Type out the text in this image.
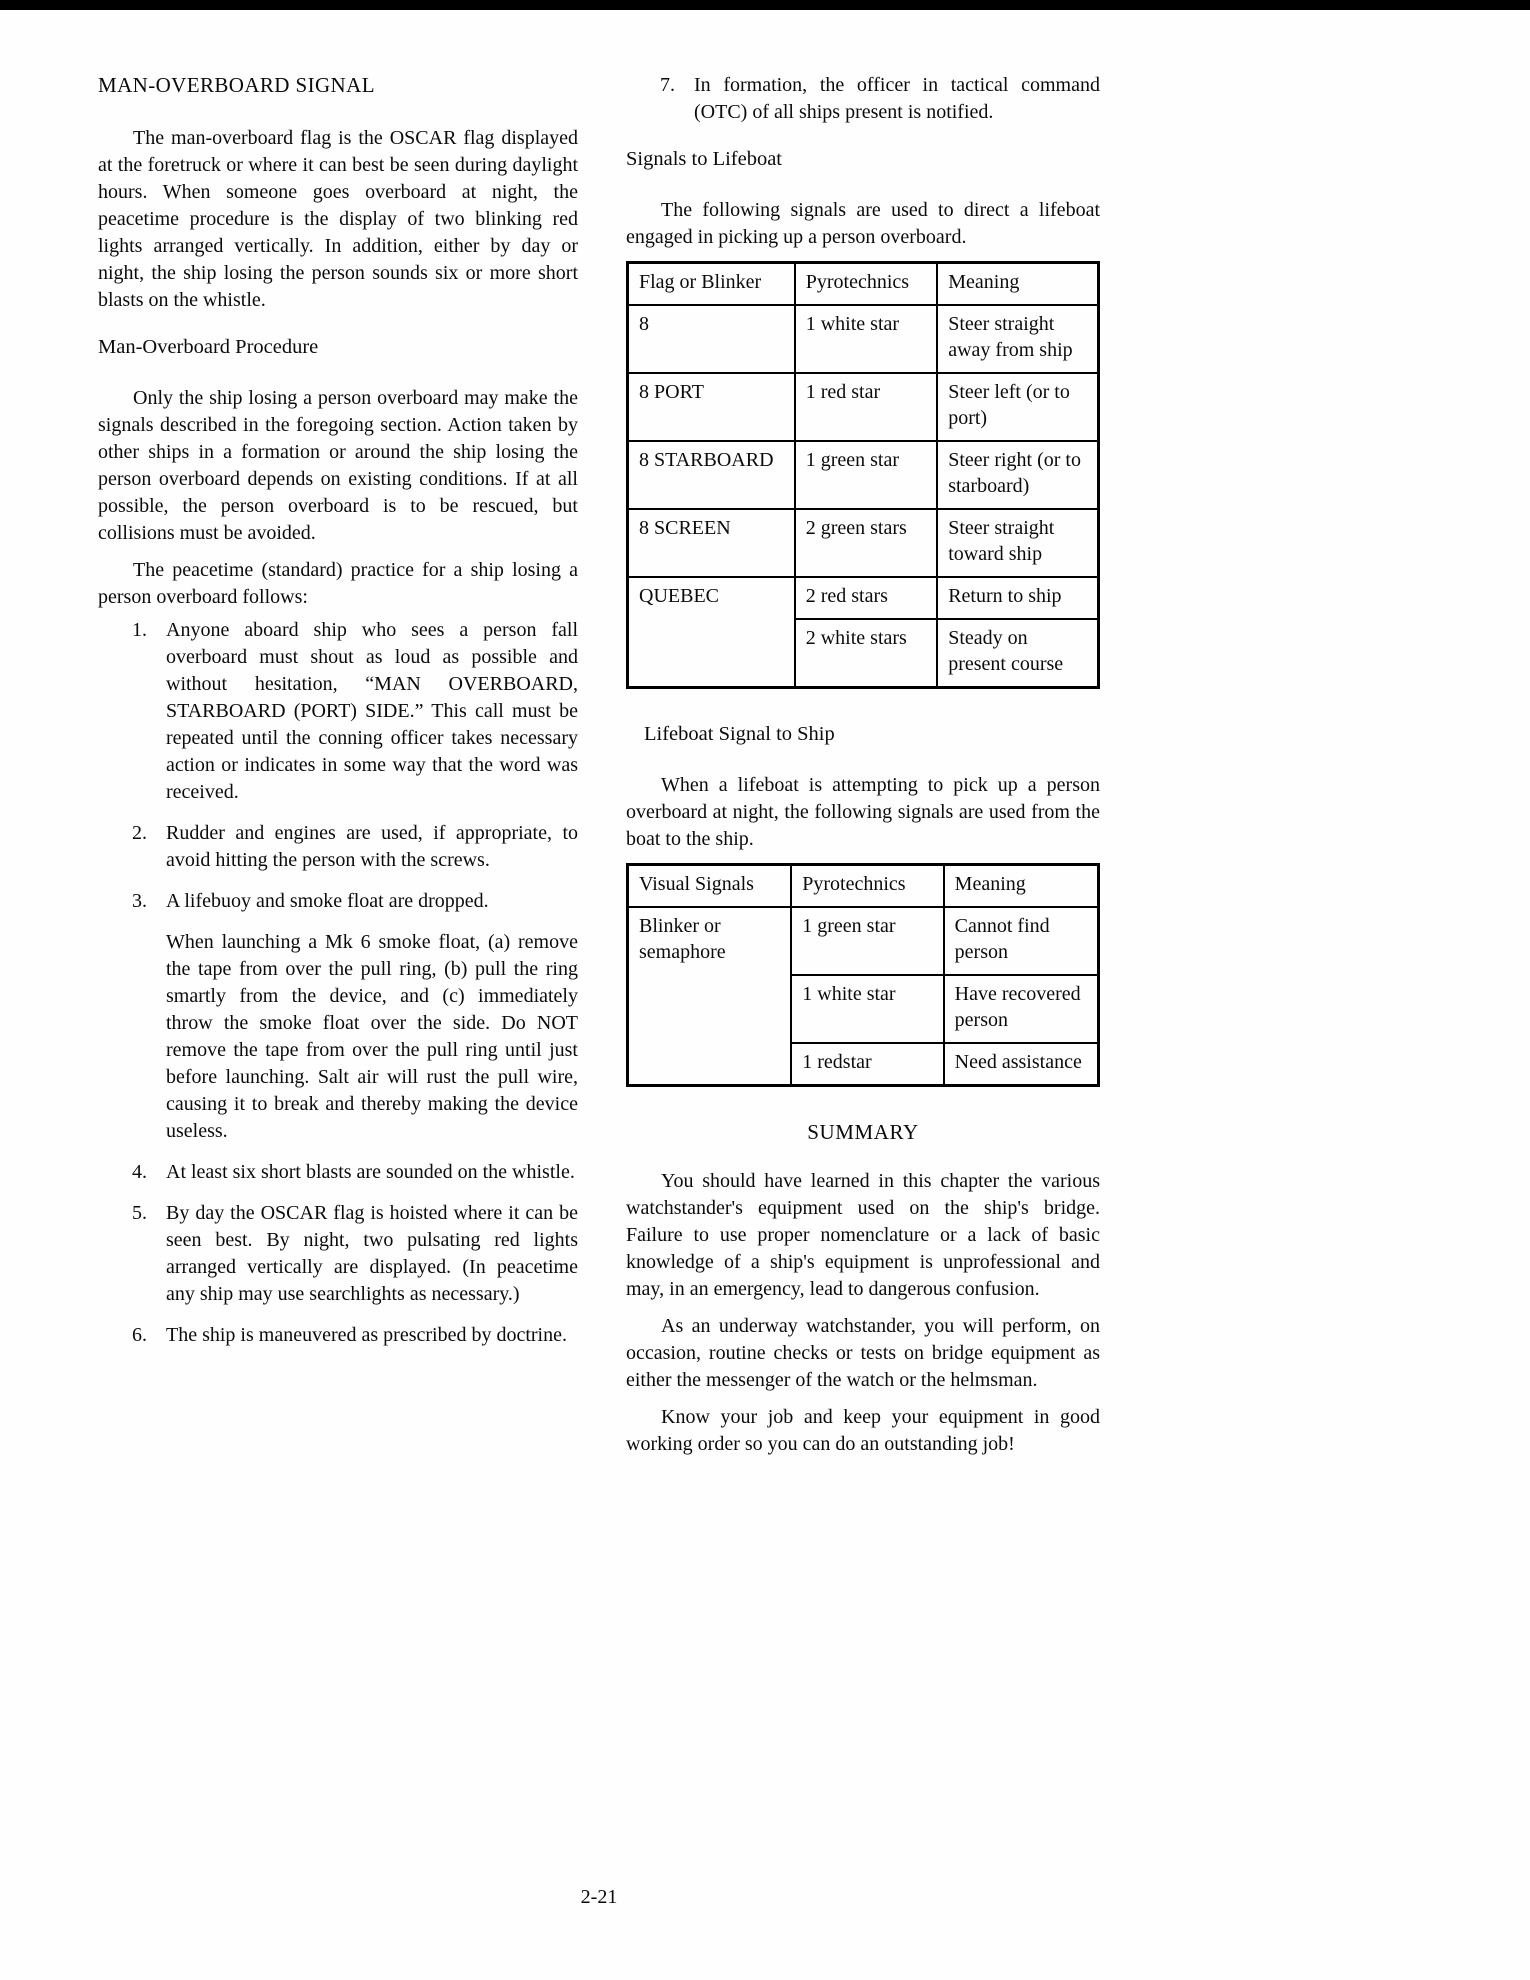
MAN-OVERBOARD SIGNAL

The man-overboard flag is the OSCAR flag displayed at the foretruck or where it can best be seen during daylight hours. When someone goes overboard at night, the peacetime procedure is the display of two blinking red lights arranged vertically. In addition, either by day or night, the ship losing the person sounds six or more short blasts on the whistle.

Man-Overboard Procedure

Only the ship losing a person overboard may make the signals described in the foregoing section. Action taken by other ships in a formation or around the ship losing the person overboard depends on existing conditions. If at all possible, the person overboard is to be rescued, but collisions must be avoided.

The peacetime (standard) practice for a ship losing a person overboard follows:

1. Anyone aboard ship who sees a person fall overboard must shout as loud as possible and without hesitation, “MAN OVERBOARD, STARBOARD (PORT) SIDE.” This call must be repeated until the conning officer takes necessary action or indicates in some way that the word was received.
2. Rudder and engines are used, if appropriate, to avoid hitting the person with the screws.
3. A lifebuoy and smoke float are dropped.

When launching a Mk 6 smoke float, (a) remove the tape from over the pull ring, (b) pull the ring smartly from the device, and (c) immediately throw the smoke float over the side. Do NOT remove the tape from over the pull ring until just before launching. Salt air will rust the pull wire, causing it to break and thereby making the device useless.

4. At least six short blasts are sounded on the whistle.
5. By day the OSCAR flag is hoisted where it can be seen best. By night, two pulsating red lights arranged vertically are displayed. (In peacetime any ship may use searchlights as necessary.)
6. The ship is maneuvered as prescribed by doctrine.
7. In formation, the officer in tactical command (OTC) of all ships present is notified.
Signals to Lifeboat

The following signals are used to direct a lifeboat engaged in picking up a person overboard.

Flag or Blinker	Pyrotechnics	Meaning
8	1 white star	Steer straight away from ship
8 PORT	1 red star	Steer left (or to port)
8 STARBOARD	1 green star	Steer right (or to starboard)
8 SCREEN	2 green stars	Steer straight toward ship
QUEBEC	2 red stars	Return to ship
	2 white stars	Steady on present course
Lifeboat Signal to Ship

When a lifeboat is attempting to pick up a person overboard at night, the following signals are used from the boat to the ship.

Visual Signals	Pyrotechnics	Meaning
Blinker or semaphore	1 green star	Cannot find person
	1 white star	Have recovered person
	1 redstar	Need assistance
SUMMARY

You should have learned in this chapter the various watchstander's equipment used on the ship's bridge. Failure to use proper nomenclature or a lack of basic knowledge of a ship's equipment is unprofessional and may, in an emergency, lead to dangerous confusion.

As an underway watchstander, you will perform, on occasion, routine checks or tests on bridge equipment as either the messenger of the watch or the helmsman.

Know your job and keep your equipment in good working order so you can do an outstanding job!

2-21
